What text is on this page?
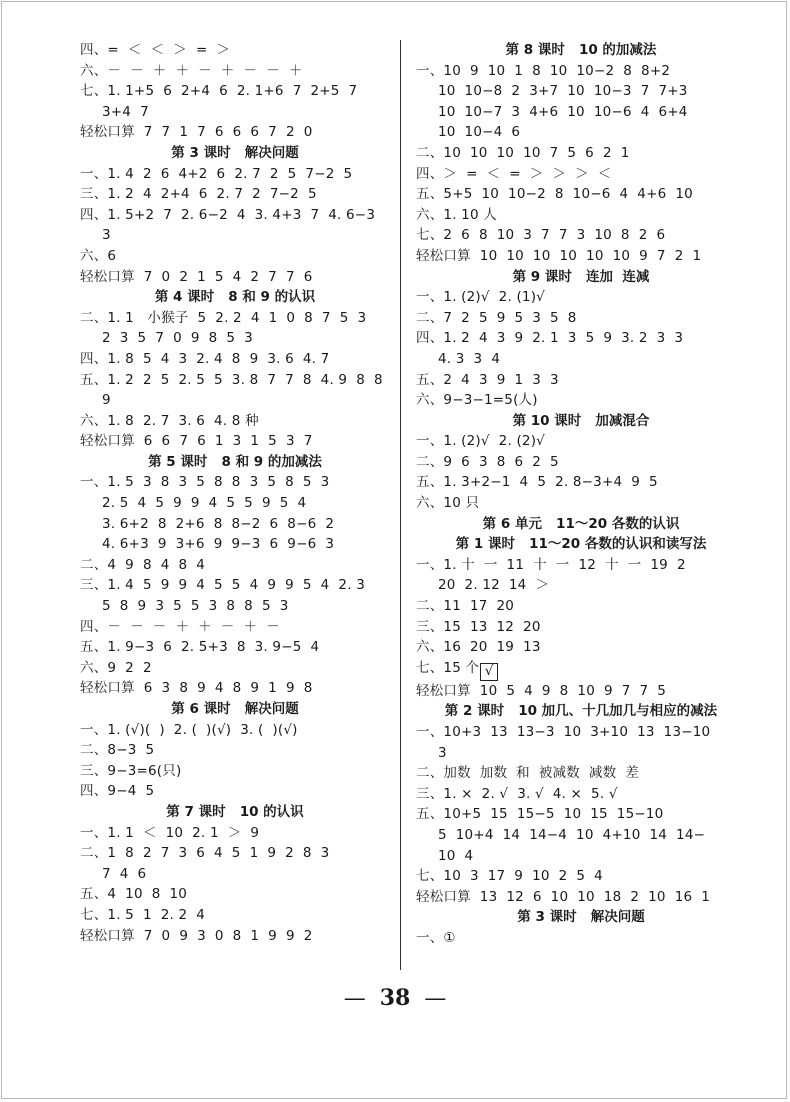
四、=  ＜  ＜  ＞  =  ＞
六、－  －  ＋  ＋  －  ＋  －  －  ＋
七、1. 1+5  6  2+4  6  2. 1+6  7  2+5  7
3+4  7
轻松口算  7  7  1  7  6  6  6  7  2  0
第 3 课时   解决问题
一、1. 4  2  6  4+2  6  2. 7  2  5  7−2  5
三、1. 2  4  2+4  6  2. 7  2  7−2  5
四、1. 5+2  7  2. 6−2  4  3. 4+3  7  4. 6−3
3
六、6
轻松口算  7  0  2  1  5  4  2  7  7  6
第 4 课时   8 和 9 的认识
二、1. 1   小猴子  5  2. 2  4  1  0  8  7  5  3
2  3  5  7  0  9  8  5  3
四、1. 8  5  4  3  2. 4  8  9  3. 6  4. 7
五、1. 2  2  5  2. 5  5  3. 8  7  7  8  4. 9  8  8
9
六、1. 8  2. 7  3. 6  4. 8 种
轻松口算  6  6  7  6  1  3  1  5  3  7
第 5 课时   8 和 9 的加减法
一、1. 5  3  8  3  5  8  8  3  5  8  5  3
2. 5  4  5  9  9  4  5  5  9  5  4
3. 6+2  8  2+6  8  8−2  6  8−6  2
4. 6+3  9  3+6  9  9−3  6  9−6  3
二、4  9  8  4  8  4
三、1. 4  5  9  9  4  5  5  4  9  9  5  4  2. 3
5  8  9  3  5  5  3  8  8  5  3
四、－  －  －  ＋  ＋  －  ＋  －
五、1. 9−3  6  2. 5+3  8  3. 9−5  4
六、9  2  2
轻松口算  6  3  8  9  4  8  9  1  9  8
第 6 课时   解决问题
一、1. (√)(  )  2. (  )(√)  3. (  )(√)
二、8−3  5
三、9−3=6(只)
四、9−4  5
第 7 课时   10 的认识
一、1. 1  ＜  10  2. 1  ＞  9
二、1  8  2  7  3  6  4  5  1  9  2  8  3
7  4  6
五、4  10  8  10
七、1. 5  1  2. 2  4
轻松口算  7  0  9  3  0  8  1  9  9  2
第 8 课时   10 的加减法
一、10  9  10  1  8  10  10−2  8  8+2
10  10−8  2  3+7  10  10−3  7  7+3
10  10−7  3  4+6  10  10−6  4  6+4
10  10−4  6
二、10  10  10  10  7  5  6  2  1
四、＞  =  ＜  =  ＞  ＞  ＞  ＜
五、5+5  10  10−2  8  10−6  4  4+6  10
六、1. 10 人
七、2  6  8  10  3  7  7  3  10  8  2  6
轻松口算  10  10  10  10  10  10  9  7  2  1
第 9 课时   连加  连减
一、1. (2)√  2. (1)√
二、7  2  5  9  5  3  5  8
四、1. 2  4  3  9  2. 1  3  5  9  3. 2  3  3
4. 3  3  4
五、2  4  3  9  1  3  3
六、9−3−1=5(人)
第 10 课时   加减混合
一、1. (2)√  2. (2)√
二、9  6  3  8  6  2  5
五、1. 3+2−1  4  5  2. 8−3+4  9  5
六、10 只
第 6 单元   11～20 各数的认识
第 1 课时   11～20 各数的认识和读写法
一、1. 十  一  11  十  一  12  十  一  19  2
20  2. 12  14  ＞
二、11  17  20
三、15  13  12  20
六、16  20  19  13
七、15 个 √
轻松口算  10  5  4  9  8  10  9  7  7  5
第 2 课时   10 加几、十几加几与相应的减法
一、10+3  13  13−3  10  3+10  13  13−10
3
二、加数  加数  和  被减数  减数  差
三、1. ×  2. √  3. √  4. ×  5. √
五、10+5  15  15−5  10  15  15−10
5  10+4  14  14−4  10  4+10  14  14−
10  4
七、10  3  17  9  10  2  5  4
轻松口算  13  12  6  10  10  18  2  10  16  1
第 3 课时   解决问题
一、①
— 38 —
